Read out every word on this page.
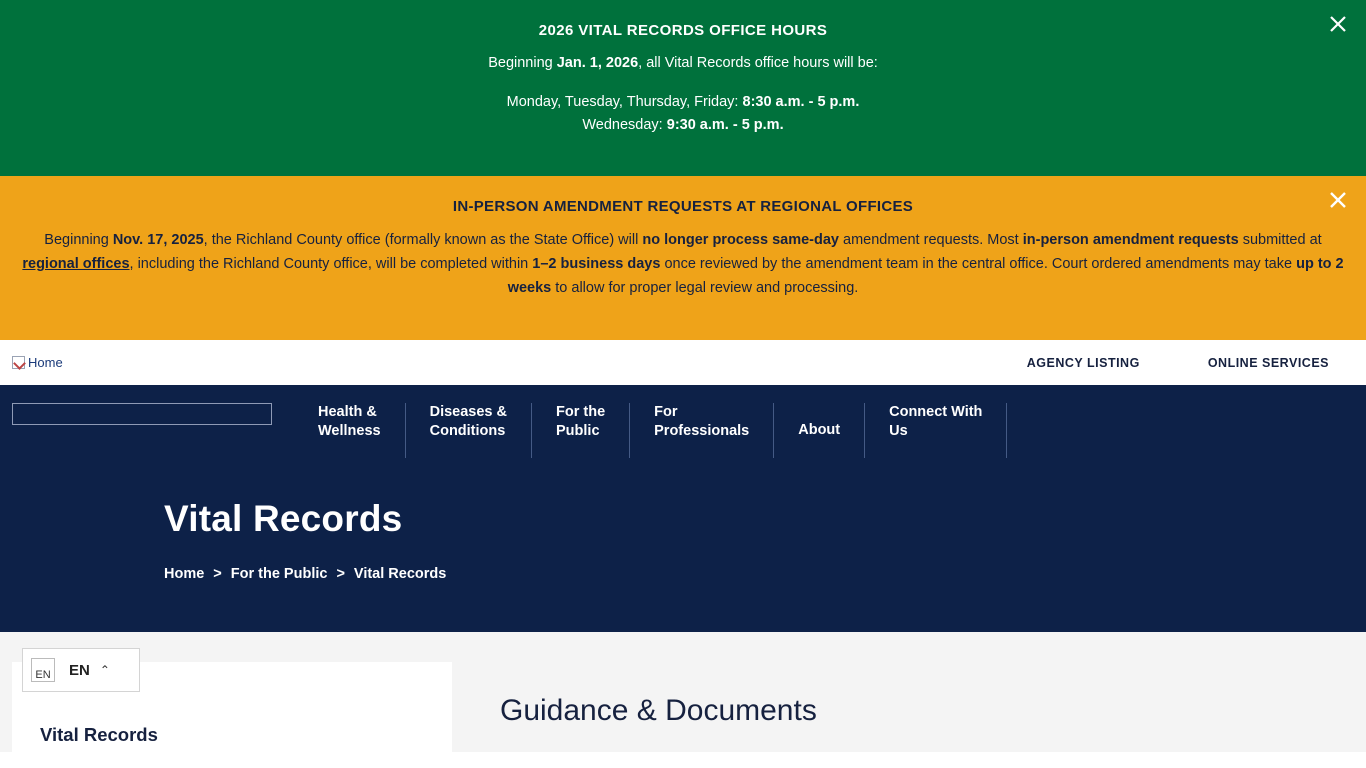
2026 VITAL RECORDS OFFICE HOURS
Beginning Jan. 1, 2026, all Vital Records office hours will be:
Monday, Tuesday, Thursday, Friday: 8:30 a.m. - 5 p.m.
Wednesday: 9:30 a.m. - 5 p.m.
IN-PERSON AMENDMENT REQUESTS AT REGIONAL OFFICES
Beginning Nov. 17, 2025, the Richland County office (formally known as the State Office) will no longer process same-day amendment requests. Most in-person amendment requests submitted at regional offices, including the Richland County office, will be completed within 1–2 business days once reviewed by the amendment team in the central office. Court ordered amendments may take up to 2 weeks to allow for proper legal review and processing.
Home	AGENCY LISTING	ONLINE SERVICES
Health &
Wellness
Diseases &
Conditions
For the
Public
For
Professionals	About
Connect With
Us
Vital Records
Home > For the Public > Vital Records
Vital Records
Guidance & Documents
EN EN ⌃
